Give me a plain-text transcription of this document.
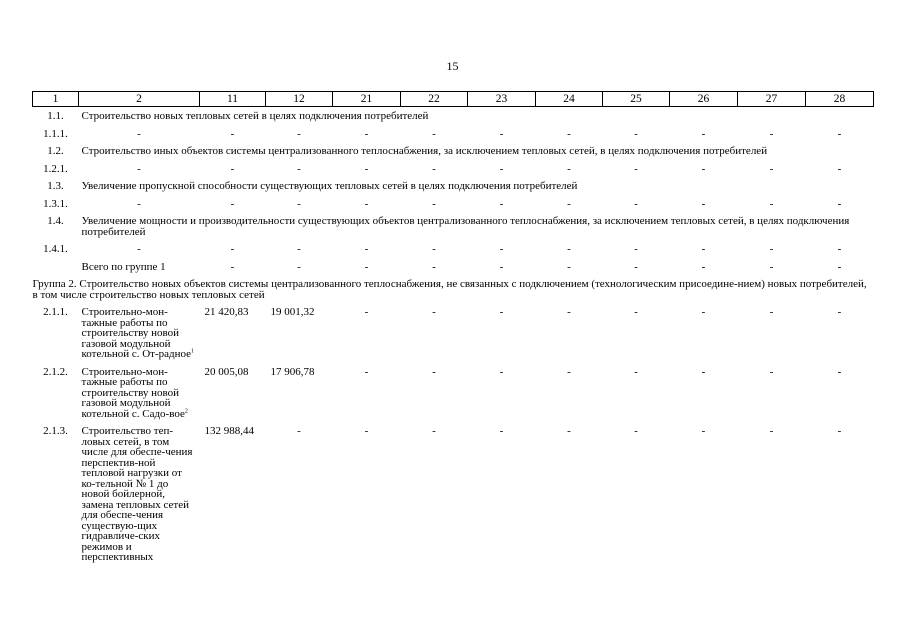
15
1	2	11	12	21	22	23	24	25	26	27	28
1.1.	Строительство новых тепловых сетей в целях подключения потребителей										
1.1.1.	-	-	-	-	-	-	-	-	-	-	-
1.2.	Строительство иных объектов системы централизованного теплоснабжения, за исключением тепловых сетей, в целях подключения потребителей										
1.2.1.	-	-	-	-	-	-	-	-	-	-	-
1.3.	Увеличение пропускной способности существующих тепловых сетей в целях подключения потребителей										
1.3.1.	-	-	-	-	-	-	-	-	-	-	-
1.4.	Увеличение мощности и производительности существующих объектов централизованного теплоснабжения, за исключением тепловых сетей, в целях подключения потребителей										
1.4.1.	-	-	-	-	-	-	-	-	-	-	-
	Всего по группе 1	-	-	-	-	-	-	-	-	-	-
Группа 2. Строительство новых объектов системы централизованного теплоснабжения, не связанных с подключением (технологическим присоедине-нием) новых потребителей, в том числе строительство новых тепловых сетей											
2.1.1.	Строительно-мон-тажные работы по строительству новой газовой модульной котельной с. От-радное$^1$	21 420,83	19 001,32	-	-	-	-	-	-	-	-
2.1.2.	Строительно-мон-тажные работы по строительству новой газовой модульной котельной с. Садо-вое$^2$	20 005,08	17 906,78	-	-	-	-	-	-	-	-
2.1.3.	Строительство теп-ловых сетей, в том числе для обеспе-чения перспектив-ной тепловой нагрузки от ко-тельной № 1 до новой бойлерной, замена тепловых сетей для обеспе-чения существую-щих гидравличе-ских режимов и перспективных	132 988,44	-	-	-	-	-	-	-	-	-
